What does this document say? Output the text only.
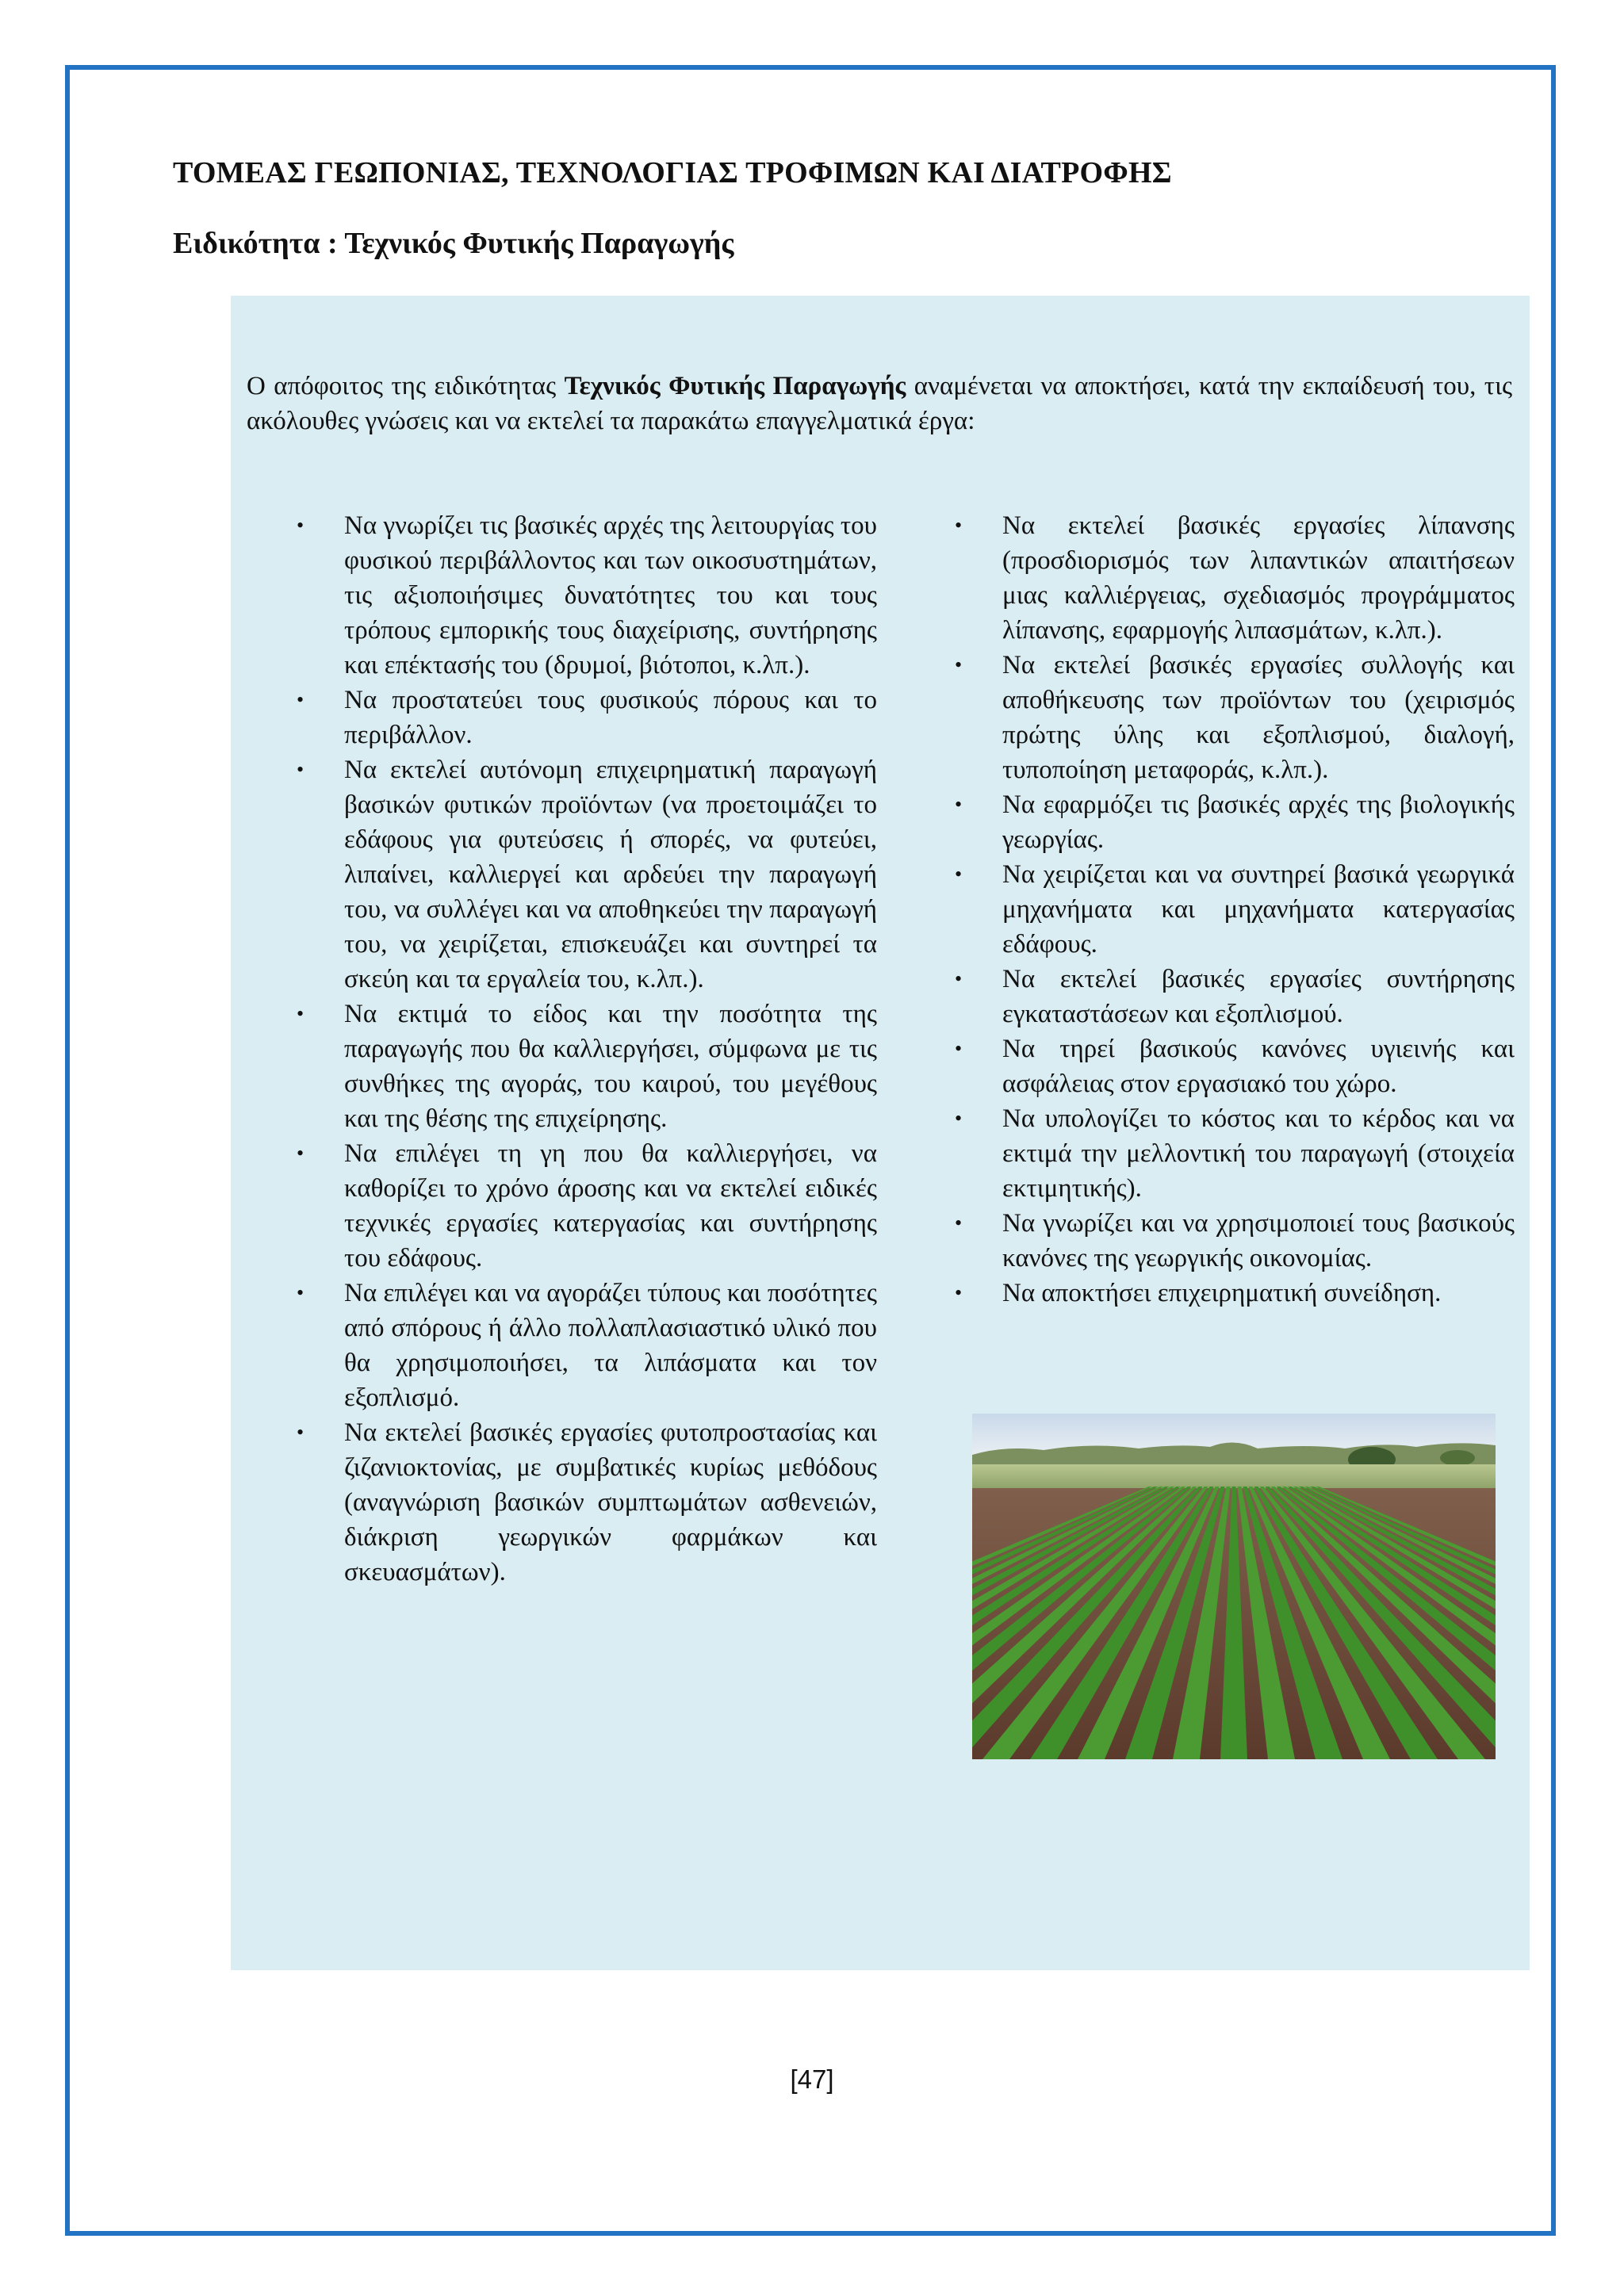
ΤΟΜΕΑΣ ΓΕΩΠΟΝΙΑΣ, ΤΕΧΝΟΛΟΓΙΑΣ ΤΡΟΦΙΜΩΝ ΚΑΙ ΔΙΑΤΡΟΦΗΣ
Ειδικότητα : Τεχνικός Φυτικής Παραγωγής

Ο απόφοιτος της ειδικότητας Τεχνικός Φυτικής Παραγωγής αναμένεται να αποκτήσει, κατά την εκπαίδευσή του, τις ακόλουθες γνώσεις και να εκτελεί τα παρακάτω επαγγελματικά έργα:

• Να γνωρίζει τις βασικές αρχές της λειτουργίας του φυσικού περιβάλλοντος και των οικοσυστημάτων, τις αξιοποιήσιμες δυνατότητες του και τους τρόπους εμπορικής τους διαχείρισης, συντήρησης και επέκτασής του (δρυμοί, βιότοποι, κ.λπ.).
• Να προστατεύει τους φυσικούς πόρους και το περιβάλλον.
• Να εκτελεί αυτόνομη επιχειρηματική παραγωγή βασικών φυτικών προϊόντων (να προετοιμάζει το εδάφους για φυτεύσεις ή σπορές, να φυτεύει, λιπαίνει, καλλιεργεί και αρδεύει την παραγωγή του, να συλλέγει και να αποθηκεύει την παραγωγή του, να χειρίζεται, επισκευάζει και συντηρεί τα σκεύη και τα εργαλεία του, κ.λπ.).
• Να εκτιμά το είδος και την ποσότητα της παραγωγής που θα καλλιεργήσει, σύμφωνα με τις συνθήκες της αγοράς, του καιρού, του μεγέθους και της θέσης της επιχείρησης.
• Να επιλέγει τη γη που θα καλλιεργήσει, να καθορίζει το χρόνο άροσης και να εκτελεί ειδικές τεχνικές εργασίες κατεργασίας και συντήρησης του εδάφους.
• Να επιλέγει και να αγοράζει τύπους και ποσότητες από σπόρους ή άλλο πολλαπλασιαστικό υλικό που θα χρησιμοποιήσει, τα λιπάσματα και τον εξοπλισμό.
• Να εκτελεί βασικές εργασίες φυτοπροστασίας και ζιζανιοκτονίας, με συμβατικές κυρίως μεθόδους (αναγνώριση βασικών συμπτωμάτων ασθενειών, διάκριση γεωργικών φαρμάκων και σκευασμάτων).
• Να εκτελεί βασικές εργασίες λίπανσης (προσδιορισμός των λιπαντικών απαιτήσεων μιας καλλιέργειας, σχεδιασμός προγράμματος λίπανσης, εφαρμογής λιπασμάτων, κ.λπ.).
• Να εκτελεί βασικές εργασίες συλλογής και αποθήκευσης των προϊόντων του (χειρισμός πρώτης ύλης και εξοπλισμού, διαλογή, τυποποίηση μεταφοράς, κ.λπ.).
• Να εφαρμόζει τις βασικές αρχές της βιολογικής γεωργίας.
• Να χειρίζεται και να συντηρεί βασικά γεωργικά μηχανήματα και μηχανήματα κατεργασίας εδάφους.
• Να εκτελεί βασικές εργασίες συντήρησης εγκαταστάσεων και εξοπλισμού.
• Να τηρεί βασικούς κανόνες υγιεινής και ασφάλειας στον εργασιακό του χώρο.
• Να υπολογίζει το κόστος και το κέρδος και να εκτιμά την μελλοντική του παραγωγή (στοιχεία εκτιμητικής).
• Να γνωρίζει και να χρησιμοποιεί τους βασικούς κανόνες της γεωργικής οικονομίας.
• Να αποκτήσει επιχειρηματική συνείδηση.
[47]
